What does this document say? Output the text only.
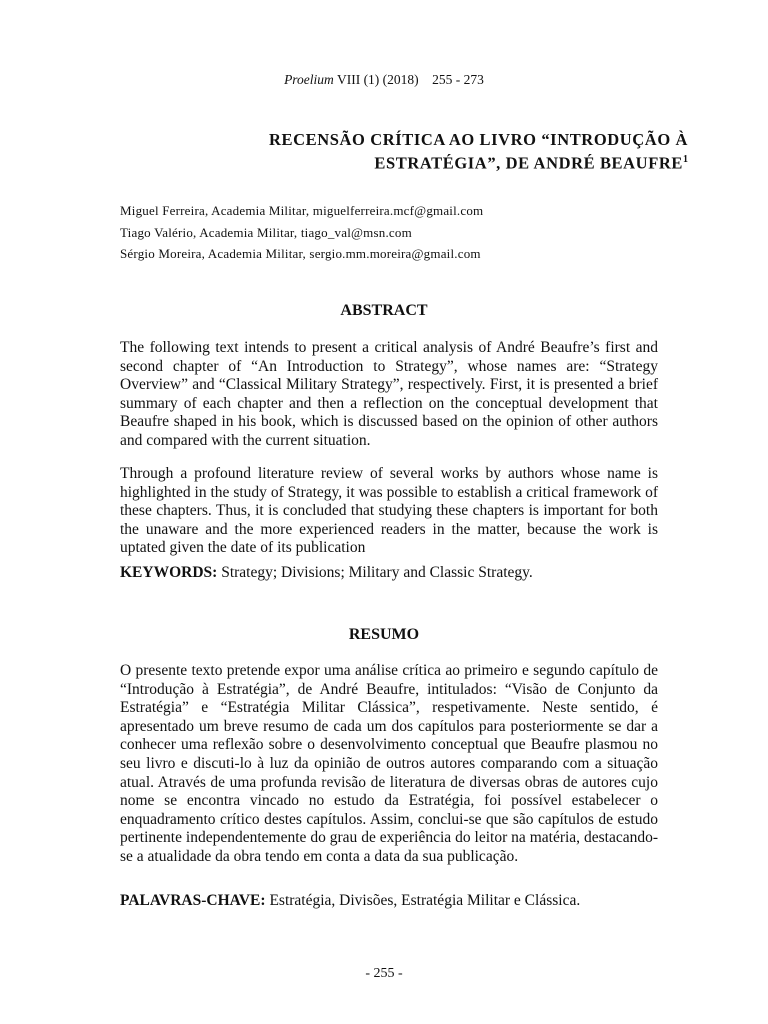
Proelium VIII (1) (2018) 255 - 273
RECENSÃO CRÍTICA AO LIVRO “INTRODUÇÃO À
ESTRATÉGIA”, DE ANDRÉ BEAUFRE$^1$
Miguel Ferreira, Academia Militar, miguelferreira.mcf@gmail.com
Tiago Valério, Academia Militar, tiago_val@msn.com
Sérgio Moreira, Academia Militar, sergio.mm.moreira@gmail.com
ABSTRACT

The following text intends to present a critical analysis of André Beaufre’s first and second chapter of “An Introduction to Strategy”, whose names are: “Strategy Overview” and “Classical Military Strategy”, respectively. First, it is presented a brief summary of each chapter and then a reflection on the conceptual development that Beaufre shaped in his book, which is discussed based on the opinion of other authors and compared with the current situation.

Through a profound literature review of several works by authors whose name is highlighted in the study of Strategy, it was possible to establish a critical framework of these chapters. Thus, it is concluded that studying these chapters is important for both the unaware and the more experienced readers in the matter, because the work is uptated given the date of its publication

KEYWORDS: Strategy; Divisions; Military and Classic Strategy.
RESUMO

O presente texto pretende expor uma análise crítica ao primeiro e segundo capítulo de “Introdução à Estratégia”, de André Beaufre, intitulados: “Visão de Conjunto da Estratégia” e “Estratégia Militar Clássica”, respetivamente. Neste sentido, é apresentado um breve resumo de cada um dos capítulos para posteriormente se dar a conhecer uma reflexão sobre o desenvolvimento conceptual que Beaufre plasmou no seu livro e discuti-lo à luz da opinião de outros autores comparando com a situação atual. Através de uma profunda revisão de literatura de diversas obras de autores cujo nome se encontra vincado no estudo da Estratégia, foi possível estabelecer o enquadramento crítico destes capítulos. Assim, conclui-se que são capítulos de estudo pertinente independentemente do grau de experiência do leitor na matéria, destacando-se a atualidade da obra tendo em conta a data da sua publicação.

PALAVRAS-CHAVE: Estratégia, Divisões, Estratégia Militar e Clássica.
- 255 -
